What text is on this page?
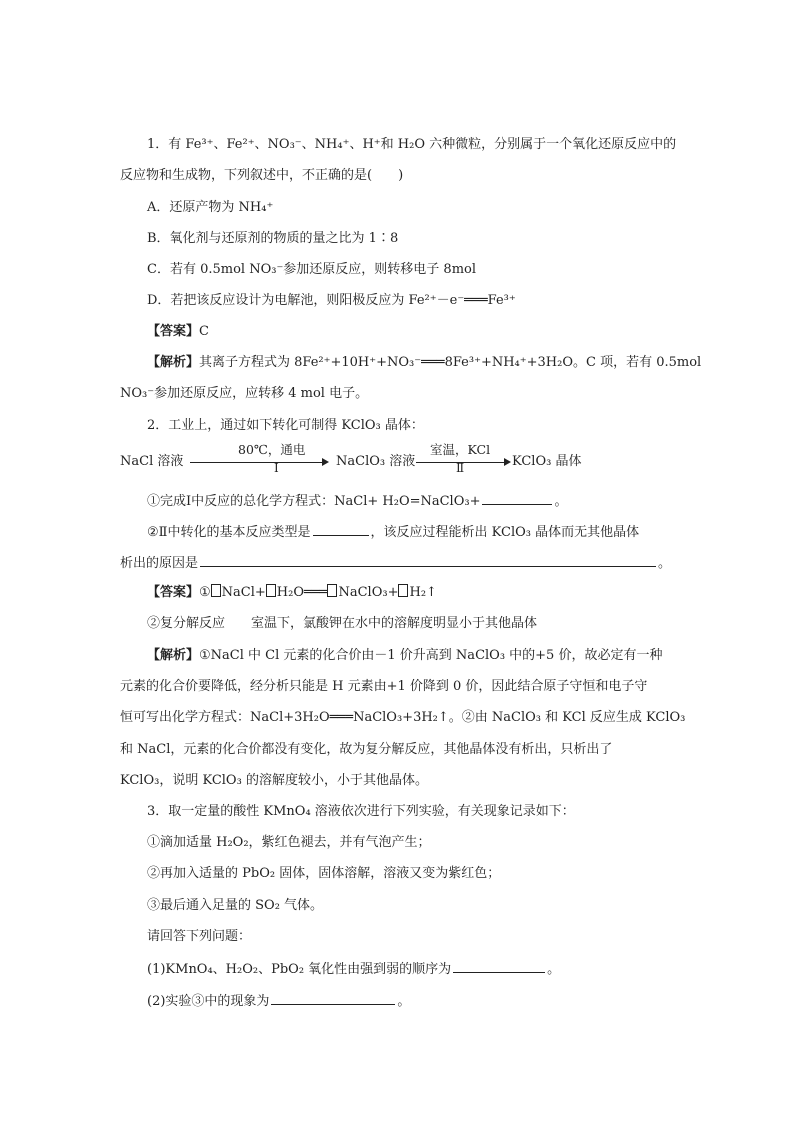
1．有 Fe³⁺、Fe²⁺、NO₃⁻、NH₄⁺、H⁺和 H₂O 六种微粒，分别属于一个氧化还原反应中的
反应物和生成物，下列叙述中，不正确的是(　　)
A．还原产物为 NH₄⁺
B．氧化剂与还原剂的物质的量之比为 1∶8
C．若有 0.5mol NO₃⁻参加还原反应，则转移电子 8mol
D．若把该反应设计为电解池，则阳极反应为 Fe²⁺－e⁻═══Fe³⁺
【答案】C
【解析】其离子方程式为 8Fe²⁺+10H⁺+NO₃⁻═══8Fe³⁺+NH₄⁺+3H₂O。C 项，若有 0.5mol
NO₃⁻参加还原反应，应转移 4 mol 电子。
2．工业上，通过如下转化可制得 KClO₃ 晶体：
NaCl 溶液
80℃，通电
Ⅰ	NaClO₃ 溶液
室温，KCl
Ⅱ	KClO₃ 晶体
①完成Ⅰ中反应的总化学方程式：NaCl+ H₂O=NaClO₃+	。
②Ⅱ中转化的基本反应类型是	，该反应过程能析出 KClO₃ 晶体而无其他晶体
析出的原因是	。
【答案】① NaCl+ H₂O═══ NaClO₃+ H₂↑
②复分解反应　　室温下，氯酸钾在水中的溶解度明显小于其他晶体
【解析】①NaCl 中 Cl 元素的化合价由－1 价升高到 NaClO₃ 中的+5 价，故必定有一种
元素的化合价要降低，经分析只能是 H 元素由+1 价降到 0 价，因此结合原子守恒和电子守
恒可写出化学方程式：NaCl+3H₂O═══NaClO₃+3H₂↑。②由 NaClO₃ 和 KCl 反应生成 KClO₃
和 NaCl，元素的化合价都没有变化，故为复分解反应，其他晶体没有析出，只析出了
KClO₃，说明 KClO₃ 的溶解度较小，小于其他晶体。
3．取一定量的酸性 KMnO₄ 溶液依次进行下列实验，有关现象记录如下：
①滴加适量 H₂O₂，紫红色褪去，并有气泡产生；
②再加入适量的 PbO₂ 固体，固体溶解，溶液又变为紫红色；
③最后通入足量的 SO₂ 气体。
请回答下列问题：
(1)KMnO₄、H₂O₂、PbO₂ 氧化性由强到弱的顺序为	。
(2)实验③中的现象为	。
